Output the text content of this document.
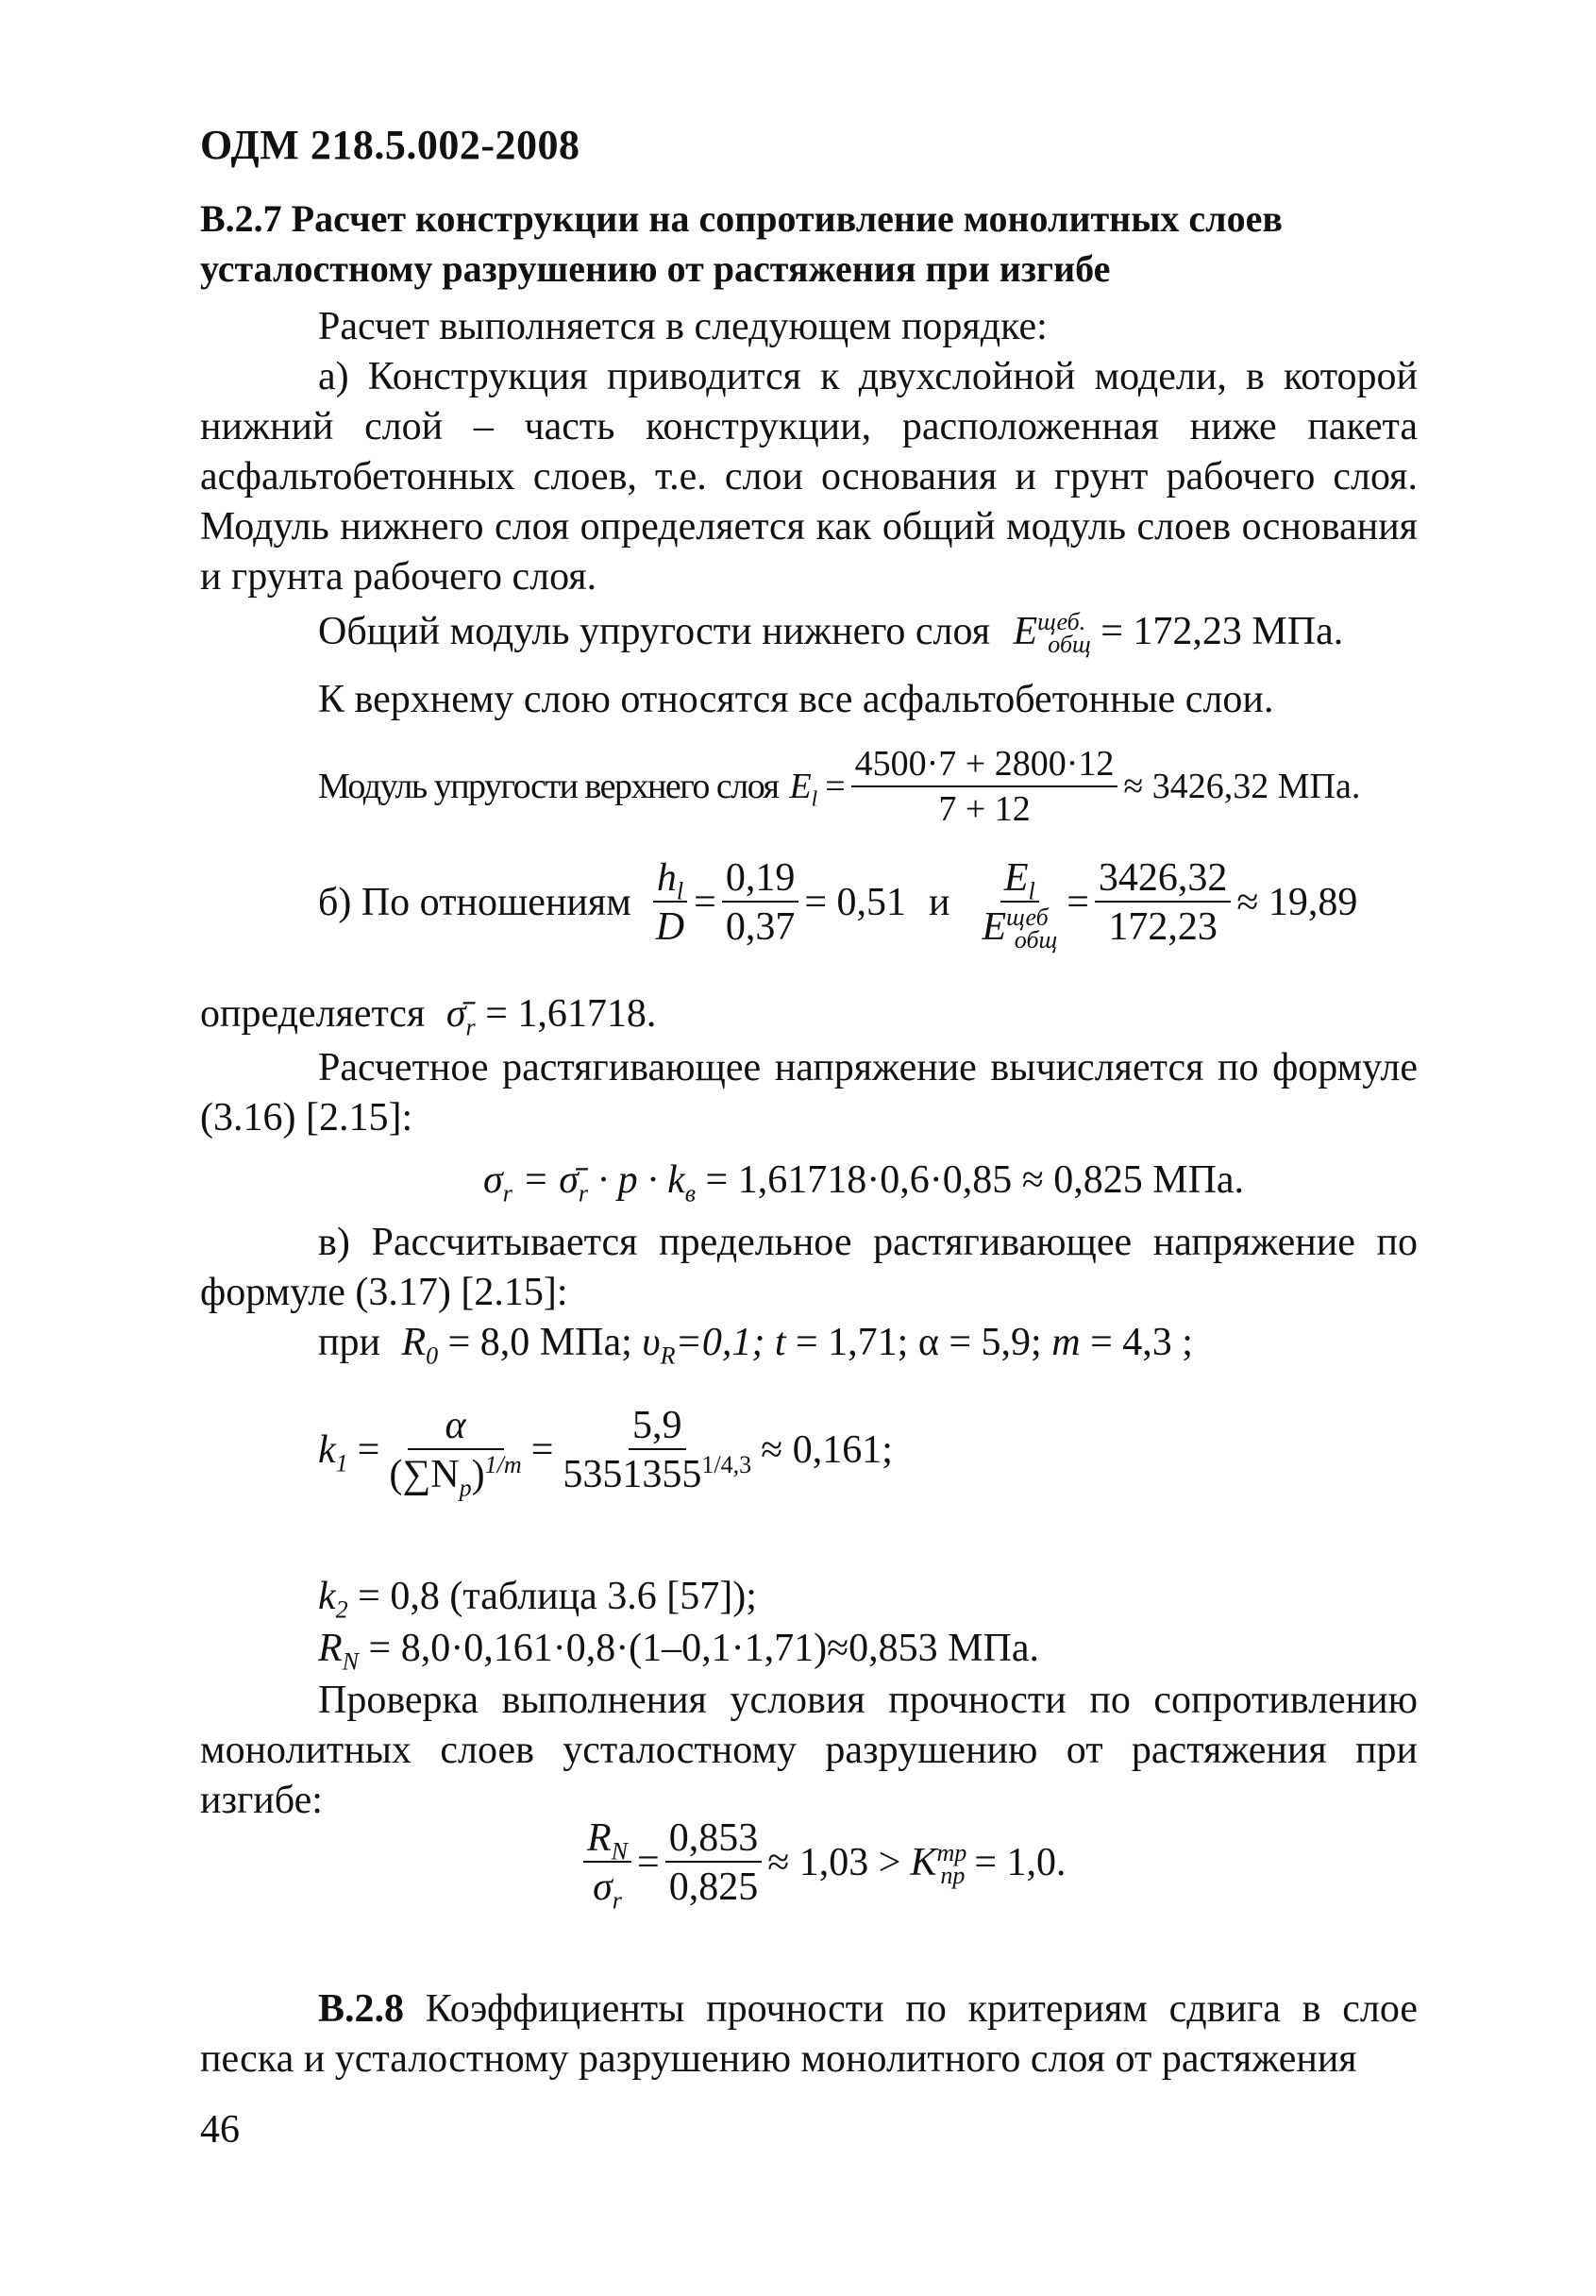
ОДМ 218.5.002-2008
В.2.7 Расчет конструкции на сопротивление монолитных слоев усталостному разрушению от растяжения при изгибе
Расчет выполняется в следующем порядке:
а) Конструкция приводится к двухслойной модели, в которой нижний слой – часть конструкции, расположенная ниже пакета асфальтобетонных слоев, т.е. слои основания и грунт рабочего слоя. Модуль нижнего слоя определяется как общий модуль слоев основания и грунта рабочего слоя.
Общий модуль упругости нижнего слоя $E^{щеб.}_{общ} = 172,23$ МПа.
К верхнему слою относятся все асфальтобетонные слои.
Модуль упругости верхнего слоя $E_l = \frac{4500\cdot 7 + 2800\cdot 12}{7 + 12} \approx 3426,32$ МПа.
б) По отношениям $\frac{h_l}{D} = \frac{0,19}{0,37} = 0,51$ и $\frac{E_l}{E^{щеб}_{общ}} = \frac{3426,32}{172,23} \approx 19,89$
определяется $\sigmā_r = 1,61718$.
Расчетное растягивающее напряжение вычисляется по формуле (3.16) [2.15]:
$\sigma_r$ = $\sigmā_r \cdot p \cdot k_в = 1,61718\cdot 0,6\cdot 0,85 \approx 0,825$ МПа.
в) Рассчитывается предельное растягивающее напряжение по формуле (3.17) [2.15]:
при $R_0 = 8,0$ МПа; $\upsilon_R=0,1$; t = 1,71; α = 5,9; m = 4,3 ;
$k_1 = \frac{\alpha}{(\sum N_p)^{1/m}} = \frac{5,9}{5351355^{1/4,3}} \approx 0,161$;
$k_2 = 0,8$ (таблица 3.6 [57]);
$R_N = 8,0\cdot 0,161\cdot 0,8\cdot(1-0,1\cdot 1,71)\approx 0,853$ МПа.
Проверка выполнения условия прочности по сопротивлению монолитных слоев усталостному разрушению от растяжения при изгибе:
$\frac{R_N}{\sigma_r} = \frac{0,853}{0,825} \approx 1,03 > K^{тр}_{пр} = 1,0$.
В.2.8 Коэффициенты прочности по критериям сдвига в слое песка и усталостному разрушению монолитного слоя от растяжения
46
